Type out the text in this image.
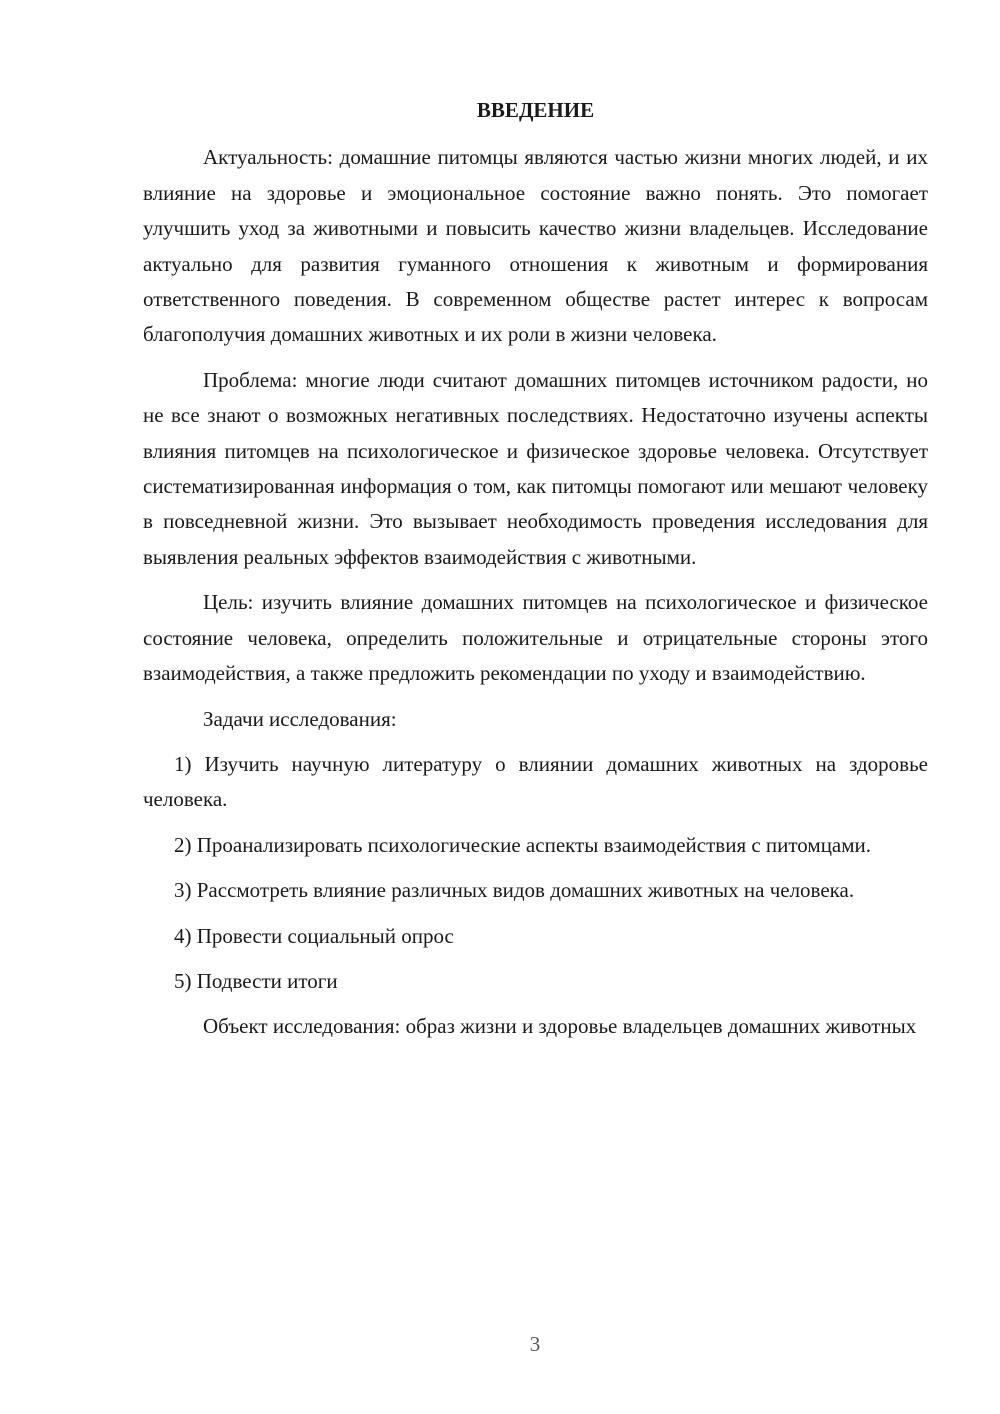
ВВЕДЕНИЕ

Актуальность: домашние питомцы являются частью жизни многих людей, и их влияние на здоровье и эмоциональное состояние важно понять. Это помогает улучшить уход за животными и повысить качество жизни владельцев. Исследование актуально для развития гуманного отношения к животным и формирования ответственного поведения. В современном обществе растет интерес к вопросам благополучия домашних животных и их роли в жизни человека.

Проблема: многие люди считают домашних питомцев источником радости, но не все знают о возможных негативных последствиях. Недостаточно изучены аспекты влияния питомцев на психологическое и физическое здоровье человека. Отсутствует систематизированная информация о том, как питомцы помогают или мешают человеку в повседневной жизни. Это вызывает необходимость проведения исследования для выявления реальных эффектов взаимодействия с животными.

Цель: изучить влияние домашних питомцев на психологическое и физическое состояние человека, определить положительные и отрицательные стороны этого взаимодействия, а также предложить рекомендации по уходу и взаимодействию.

Задачи исследования:

1) Изучить научную литературу о влиянии домашних животных на здоровье человека.

2) Проанализировать психологические аспекты взаимодействия с питомцами.

3) Рассмотреть влияние различных видов домашних животных на человека.

4) Провести социальный опрос

5) Подвести итоги

Объект исследования: образ жизни и здоровье владельцев домашних животных

3
